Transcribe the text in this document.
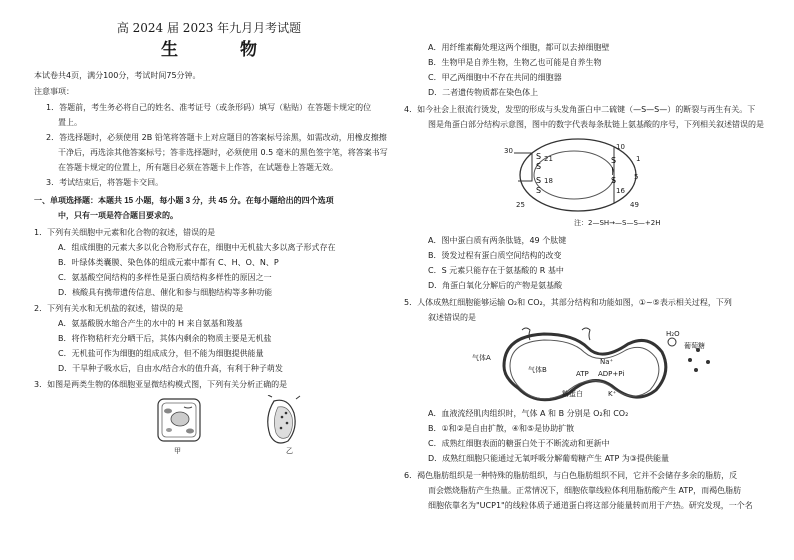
高 2024 届 2023 年九月月考试题
生 物
本试卷共4页，满分100分，考试时间75分钟。
注意事项：
1．答题前，考生务必将自己的姓名、准考证号（或条形码）填写（粘贴）在答题卡规定的位
置上。
2．答选择题时，必须使用 2B 铅笔将答题卡上对应题目的答案标号涂黑，如需改动，用橡皮擦擦
干净后，再选涂其他答案标号；答非选择题时，必须使用 0.5 毫米的黑色签字笔，将答案书写
在答题卡规定的位置上，所有题目必须在答题卡上作答，在试题卷上答题无效。
3．考试结束后，将答题卡交回。
一、单项选择题：本题共 15 小题，每小题 3 分，共 45 分。在每小题给出的四个选项
中，只有一项是符合题目要求的。
1．下列有关细胞中元素和化合物的叙述，错误的是
A．组成细胞的元素大多以化合物形式存在，细胞中无机盐大多以离子形式存在
B．叶绿体类囊膜、染色体的组成元素中都有 C、H、O、N、P
C．氨基酸空间结构的多样性是蛋白质结构多样性的原因之一
D．核酸具有携带遗传信息、催化和参与细胞结构等多种功能
2．下列有关水和无机盐的叙述，错误的是
A．氨基酸脱水缩合产生的水中的 H 来自氨基和羧基
B．将作物秸秆充分晒干后，其体内剩余的物质主要是无机盐
C．无机盐可作为细胞的组成成分，但不能为细胞提供能量
D．干旱种子吸水后，自由水/结合水的值升高，有利于种子萌发
3．如图是两类生物的体细胞亚显微结构模式图，下列有关分析正确的是
甲	乙
A．用纤维素酶处理这两个细胞，都可以去掉细胞壁
B．生物甲是自养生物，生物乙也可能是自养生物
C．甲乙两细胞中不存在共同的细胞器
D．二者遗传物质都在染色体上
4．如今社会上很流行烫发，发型的形成与头发角蛋白中二硫键（—S—S—）的断裂与再生有关。下
图是角蛋白部分结构示意图，图中的数字代表每条肽链上氨基酸的序号，下列相关叙述错误的是
S
|
S
S
S
S
S
30
21
18
25
10
5
16
1
49
注：2—SH→—S—S—+2H
A．图中蛋白质有两条肽链，49 个肽键
B．烫发过程有蛋白质空间结构的改变
C．S 元素只能存在于氨基酸的 R 基中
D．角蛋白氧化分解后的产物是氨基酸
5．人体成熟红细胞能够运输 O₂和 CO₂，其部分结构和功能如图，①~⑤表示相关过程，下列
叙述错误的是
气体A
气体B
Na⁺
ATP ADP+Pi
K⁺
H₂O
葡萄糖
糖蛋白
A．血液流经肌肉组织时，气体 A 和 B 分别是 O₂和 CO₂
B．①和②是自由扩散，④和⑤是协助扩散
C．成熟红细胞表面的糖蛋白处于不断流动和更新中
D．成熟红细胞只能通过无氧呼吸分解葡萄糖产生 ATP 为③提供能量
6．褐色脂肪组织是一种特殊的脂肪组织，与白色脂肪组织不同，它并不会储存多余的脂肪，反
而会燃烧脂肪产生热量。正常情况下，细胞依靠线粒体利用脂肪酸产生 ATP，而褐色脂肪
细胞依靠名为"UCP1"的线粒体质子通道蛋白将这部分能量转而用于产热。研究发现，一个名
